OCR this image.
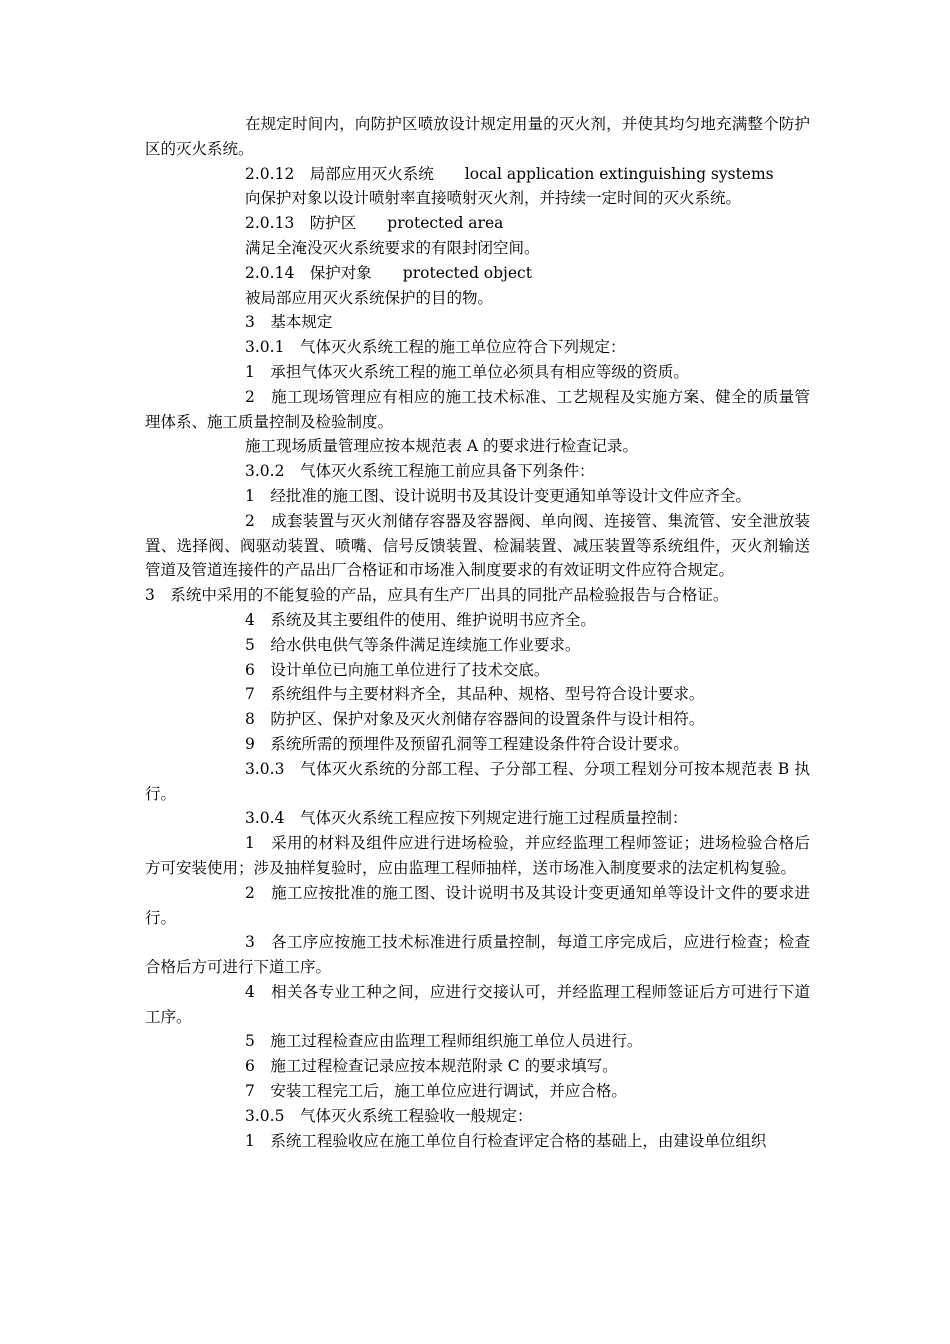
在规定时间内，向防护区喷放设计规定用量的灭火剂，并使其均匀地充满整个防护区的灭火系统。

2.0.12　局部应用灭火系统　　local application extinguishing systems

向保护对象以设计喷射率直接喷射灭火剂，并持续一定时间的灭火系统。

2.0.13　防护区　　protected area

满足全淹没灭火系统要求的有限封闭空间。

2.0.14　保护对象　　protected object

被局部应用灭火系统保护的目的物。

3　基本规定

3.0.1　气体灭火系统工程的施工单位应符合下列规定：

1　承担气体灭火系统工程的施工单位必须具有相应等级的资质。

2　施工现场管理应有相应的施工技术标准、工艺规程及实施方案、健全的质量管理体系、施工质量控制及检验制度。

施工现场质量管理应按本规范表 A 的要求进行检查记录。

3.0.2　气体灭火系统工程施工前应具备下列条件：

1　经批准的施工图、设计说明书及其设计变更通知单等设计文件应齐全。

2　成套装置与灭火剂储存容器及容器阀、单向阀、连接管、集流管、安全泄放装置、选择阀、阀驱动装置、喷嘴、信号反馈装置、检漏装置、减压装置等系统组件，灭火剂输送管道及管道连接件的产品出厂合格证和市场准入制度要求的有效证明文件应符合规定。

3　系统中采用的不能复验的产品，应具有生产厂出具的同批产品检验报告与合格证。

4　系统及其主要组件的使用、维护说明书应齐全。

5　给水供电供气等条件满足连续施工作业要求。

6　设计单位已向施工单位进行了技术交底。

7　系统组件与主要材料齐全，其品种、规格、型号符合设计要求。

8　防护区、保护对象及灭火剂储存容器间的设置条件与设计相符。

9　系统所需的预埋件及预留孔洞等工程建设条件符合设计要求。

3.0.3　气体灭火系统的分部工程、子分部工程、分项工程划分可按本规范表 B 执行。

3.0.4　气体灭火系统工程应按下列规定进行施工过程质量控制：

1　采用的材料及组件应进行进场检验，并应经监理工程师签证；进场检验合格后方可安装使用；涉及抽样复验时，应由监理工程师抽样，送市场准入制度要求的法定机构复验。

2　施工应按批准的施工图、设计说明书及其设计变更通知单等设计文件的要求进行。

3　各工序应按施工技术标准进行质量控制，每道工序完成后，应进行检查；检查合格后方可进行下道工序。

4　相关各专业工种之间，应进行交接认可，并经监理工程师签证后方可进行下道工序。

5　施工过程检查应由监理工程师组织施工单位人员进行。

6　施工过程检查记录应按本规范附录 C 的要求填写。

7　安装工程完工后，施工单位应进行调试，并应合格。

3.0.5　气体灭火系统工程验收一般规定：

1　系统工程验收应在施工单位自行检查评定合格的基础上，由建设单位组织
